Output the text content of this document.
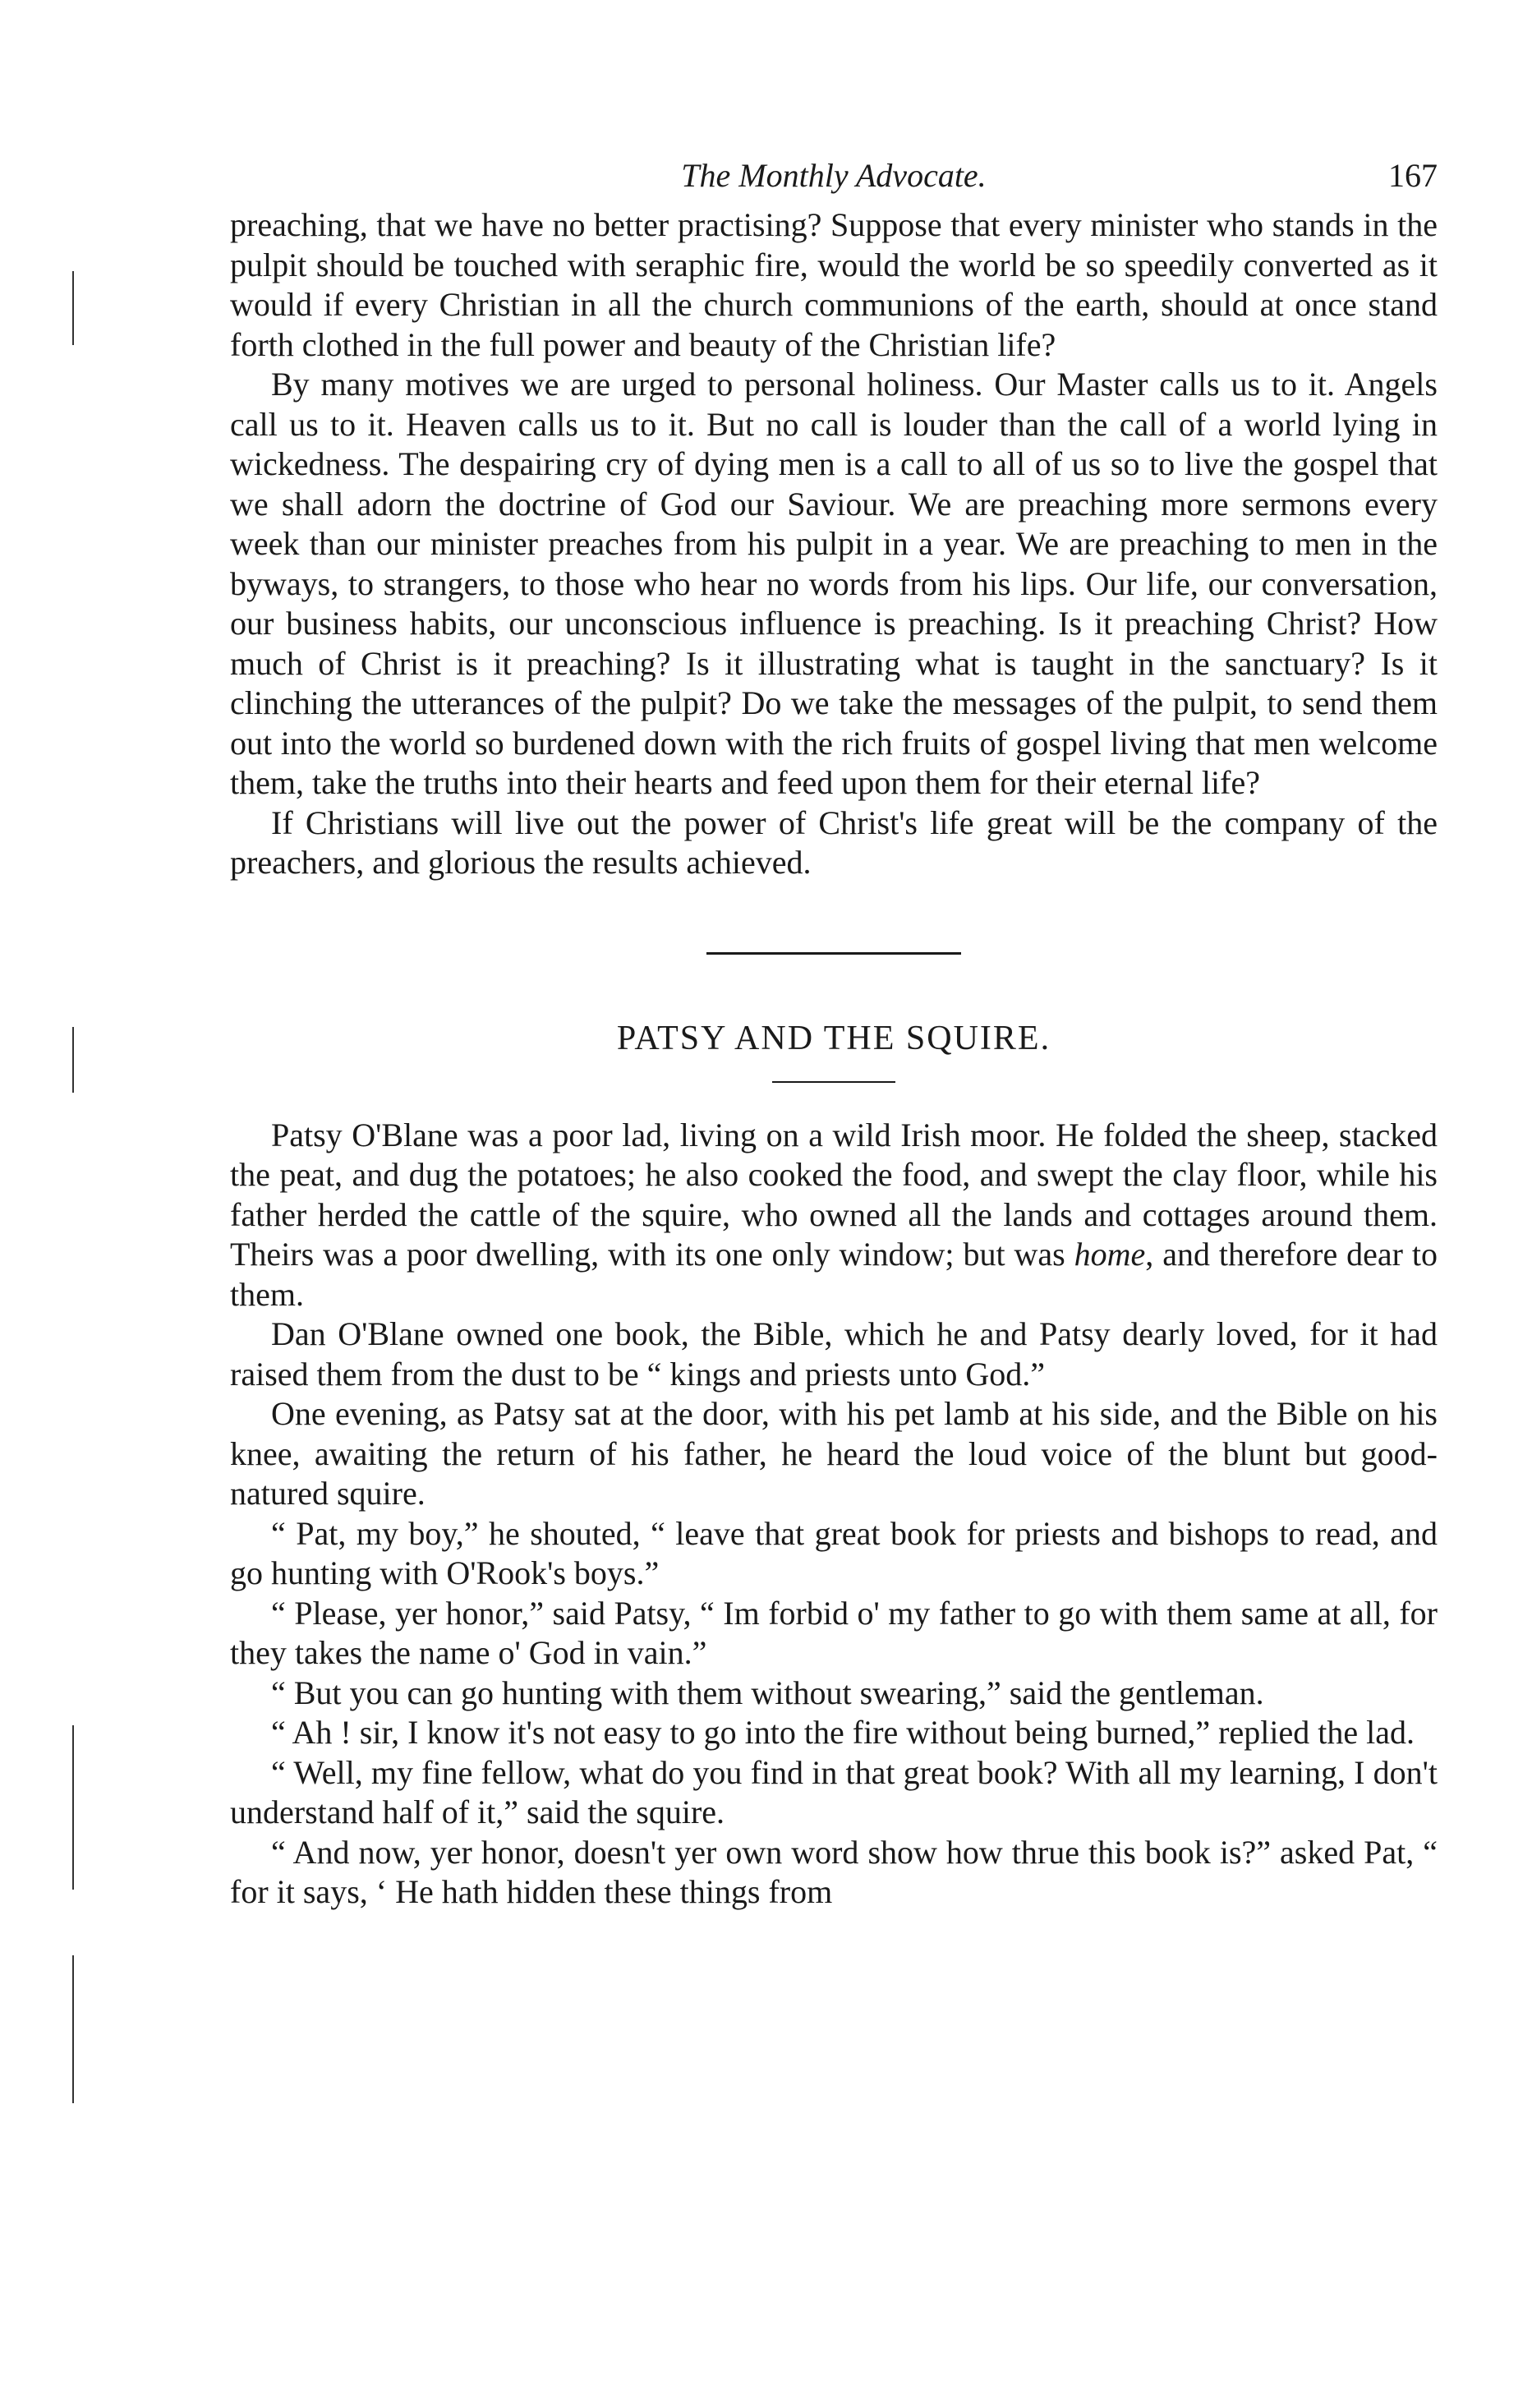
The Monthly Advocate.	167

preaching, that we have no better practising? Suppose that every minister who stands in the pulpit should be touched with seraphic fire, would the world be so speedily converted as it would if every Christian in all the church communions of the earth, should at once stand forth clothed in the full power and beauty of the Christian life?

By many motives we are urged to personal holiness. Our Master calls us to it. Angels call us to it. Heaven calls us to it. But no call is louder than the call of a world lying in wickedness. The despairing cry of dying men is a call to all of us so to live the gospel that we shall adorn the doctrine of God our Saviour. We are preaching more sermons every week than our minister preaches from his pulpit in a year. We are preaching to men in the byways, to strangers, to those who hear no words from his lips. Our life, our conversation, our business habits, our unconscious influence is preaching. Is it preaching Christ? How much of Christ is it preaching? Is it illustrating what is taught in the sanctuary? Is it clinching the utterances of the pulpit? Do we take the messages of the pulpit, to send them out into the world so burdened down with the rich fruits of gospel living that men welcome them, take the truths into their hearts and feed upon them for their eternal life?

If Christians will live out the power of Christ's life great will be the company of the preachers, and glorious the results achieved.

PATSY AND THE SQUIRE.

Patsy O'Blane was a poor lad, living on a wild Irish moor. He folded the sheep, stacked the peat, and dug the potatoes; he also cooked the food, and swept the clay floor, while his father herded the cattle of the squire, who owned all the lands and cottages around them. Theirs was a poor dwelling, with its one only window; but was home, and therefore dear to them.

Dan O'Blane owned one book, the Bible, which he and Patsy dearly loved, for it had raised them from the dust to be “ kings and priests unto God.”

One evening, as Patsy sat at the door, with his pet lamb at his side, and the Bible on his knee, awaiting the return of his father, he heard the loud voice of the blunt but good-natured squire.

“ Pat, my boy,” he shouted, “ leave that great book for priests and bishops to read, and go hunting with O'Rook's boys.”

“ Please, yer honor,” said Patsy, “ Im forbid o' my father to go with them same at all, for they takes the name o' God in vain.”

“ But you can go hunting with them without swearing,” said the gentleman.

“ Ah ! sir, I know it's not easy to go into the fire without being burned,” replied the lad.

“ Well, my fine fellow, what do you find in that great book? With all my learning, I don't understand half of it,” said the squire.

“ And now, yer honor, doesn't yer own word show how thrue this book is?” asked Pat, “ for it says, ‘ He hath hidden these things from
